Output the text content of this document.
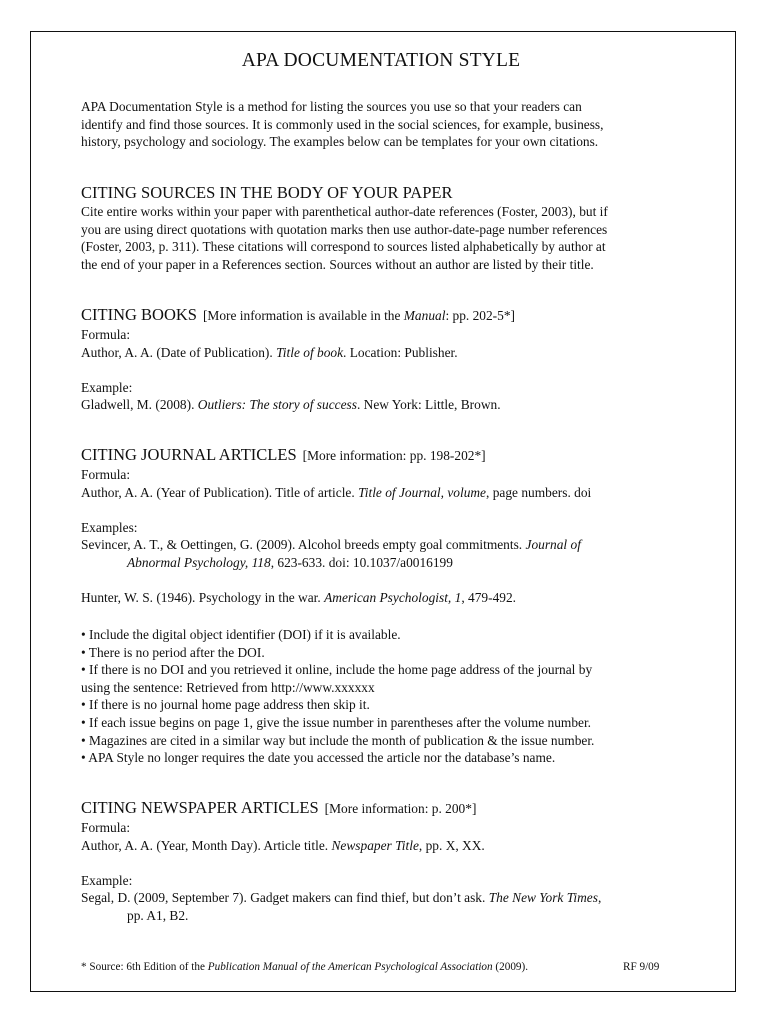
APA DOCUMENTATION STYLE
APA Documentation Style is a method for listing the sources you use so that your readers can
identify and find those sources. It is commonly used in the social sciences, for example, business,
history, psychology and sociology. The examples below can be templates for your own citations.
CITING SOURCES IN THE BODY OF YOUR PAPER
Cite entire works within your paper with parenthetical author-date references (Foster, 2003), but if
you are using direct quotations with quotation marks then use author-date-page number references
(Foster, 2003, p. 311). These citations will correspond to sources listed alphabetically by author at
the end of your paper in a References section. Sources without an author are listed by their title.
CITING BOOKS [More information is available in the Manual: pp. 202-5*]
Formula:
Author, A. A. (Date of Publication). Title of book. Location: Publisher.
Example:
Gladwell, M. (2008). Outliers: The story of success. New York: Little, Brown.
CITING JOURNAL ARTICLES [More information: pp. 198-202*]
Formula:
Author, A. A. (Year of Publication). Title of article. Title of Journal, volume, page numbers. doi
Examples:
Sevincer, A. T., & Oettingen, G. (2009). Alcohol breeds empty goal commitments. Journal of
Abnormal Psychology, 118, 623-633. doi: 10.1037/a0016199
Hunter, W. S. (1946). Psychology in the war. American Psychologist, 1, 479-492.
• Include the digital object identifier (DOI) if it is available.
• There is no period after the DOI.
• If there is no DOI and you retrieved it online, include the home page address of the journal by
using the sentence: Retrieved from http://www.xxxxxx
• If there is no journal home page address then skip it.
• If each issue begins on page 1, give the issue number in parentheses after the volume number.
• Magazines are cited in a similar way but include the month of publication & the issue number.
• APA Style no longer requires the date you accessed the article nor the database’s name.
CITING NEWSPAPER ARTICLES [More information: p. 200*]
Formula:
Author, A. A. (Year, Month Day). Article title. Newspaper Title, pp. X, XX.
Example:
Segal, D. (2009, September 7). Gadget makers can find thief, but don’t ask. The New York Times,
pp. A1, B2.
* Source: 6th Edition of the Publication Manual of the American Psychological Association (2009).	RF 9/09
